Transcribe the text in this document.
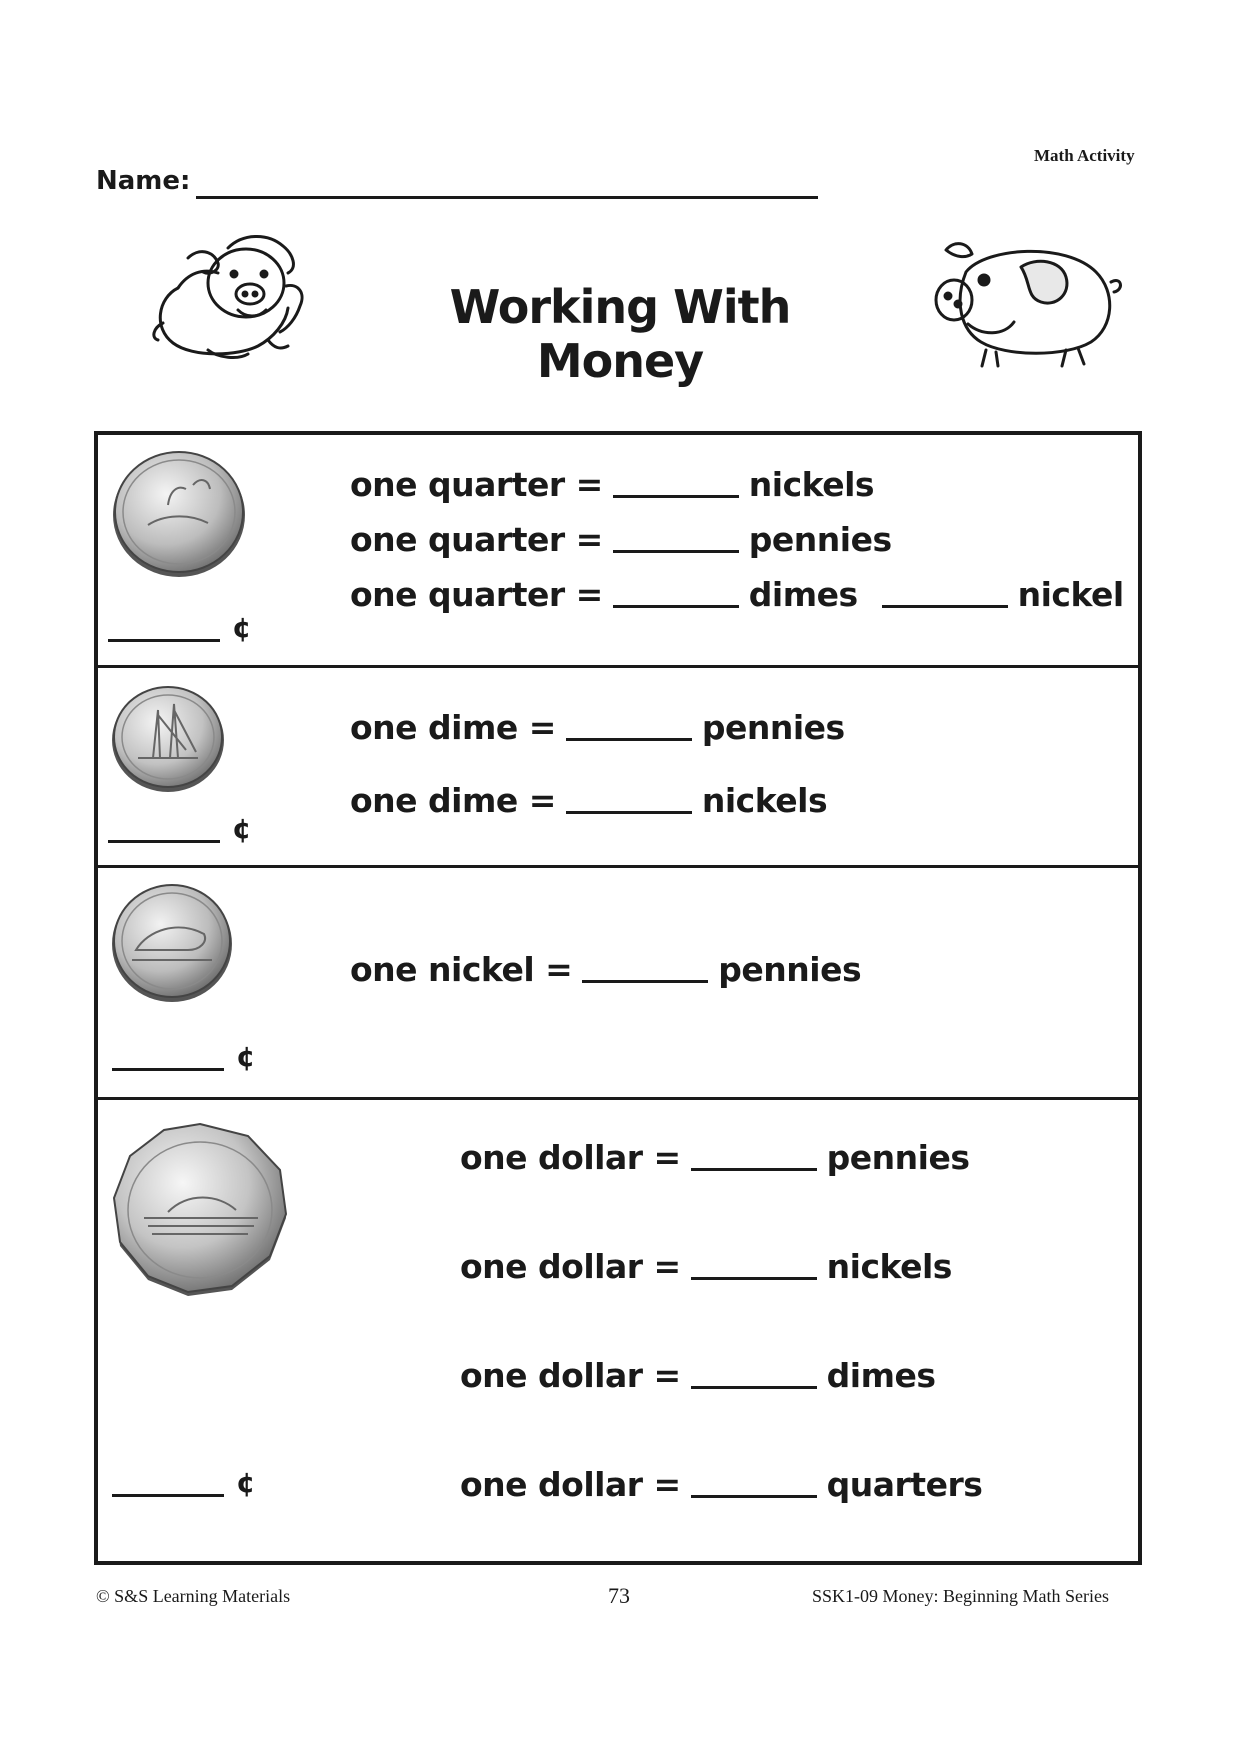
Math Activity
Name:
Working With Money
¢
one quarter =	nickels
one quarter =	pennies
one quarter =	dimes	nickel
¢
one dime =	pennies
one dime =	nickels
¢
one nickel =	pennies
¢
one dollar =	pennies
one dollar =	nickels
one dollar =	dimes
one dollar =	quarters
© S&S Learning Materials	73	SSK1-09 Money: Beginning Math Series
